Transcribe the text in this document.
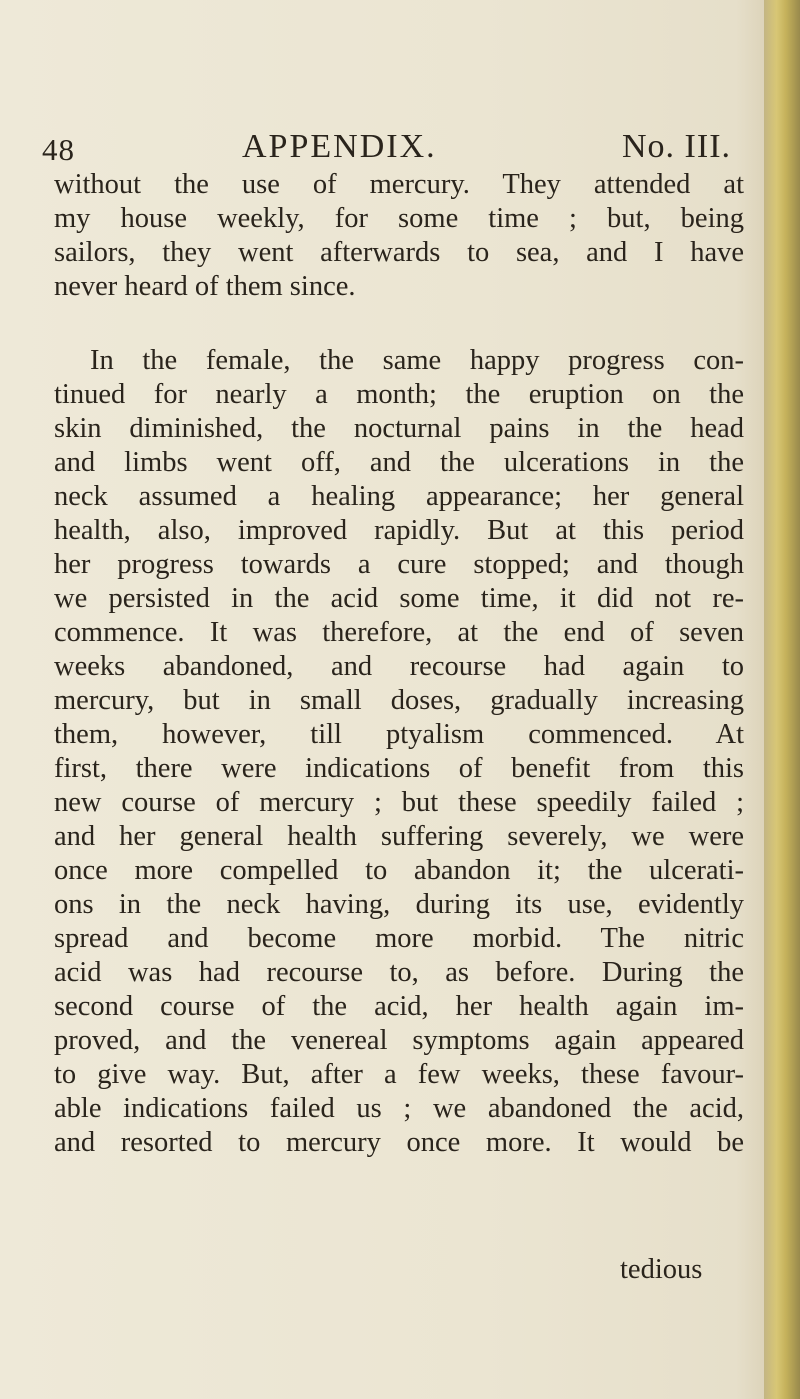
48	APPENDIX.	No. III.
without the use of mercury. They attended at
my house weekly, for some time ; but, being
sailors, they went afterwards to sea, and I have
never heard of them since.
In the female, the same happy progress con-
tinued for nearly a month; the eruption on the
skin diminished, the nocturnal pains in the head
and limbs went off, and the ulcerations in the
neck assumed a healing appearance; her general
health, also, improved rapidly. But at this period
her progress towards a cure stopped; and though
we persisted in the acid some time, it did not re-
commence. It was therefore, at the end of seven
weeks abandoned, and recourse had again to
mercury, but in small doses, gradually increasing
them, however, till ptyalism commenced. At
first, there were indications of benefit from this
new course of mercury ; but these speedily failed ;
and her general health suffering severely, we were
once more compelled to abandon it; the ulcerati-
ons in the neck having, during its use, evidently
spread and become more morbid. The nitric
acid was had recourse to, as before. During the
second course of the acid, her health again im-
proved, and the venereal symptoms again appeared
to give way. But, after a few weeks, these favour-
able indications failed us ; we abandoned the acid,
and resorted to mercury once more. It would be
tedious
